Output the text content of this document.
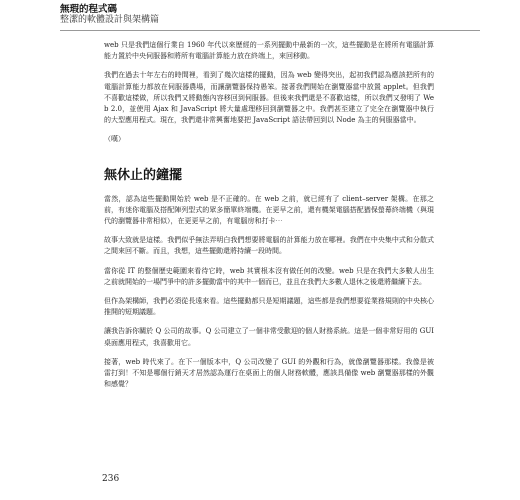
無瑕的程式碼
整潔的軟體設計與架構篇

web 只是我們這個行業自 1960 年代以來歷經的一系列擺動中最新的一次，這些擺動是在將所有電腦計算能力置於中央伺服器和將所有電腦計算能力放在終端上，來回移動。

我們在過去十年左右的時間裡，看到了幾次這樣的擺動，因為 web 變得突出，起初我們認為應該把所有的電腦計算能力都放在伺服器農場，而讓瀏覽器保持愚笨。接著我們開始在瀏覽器當中放置 applet。但我們不喜歡這樣做，所以我們又將動態內容移回到伺服器。但後來我們還是不喜歡這樣，所以我們又發明了 Web 2.0，並使用 Ajax 和 JavaScript 將大量處理移回到瀏覽器之中。我們甚至建立了完全在瀏覽器中執行的大型應用程式。現在，我們還非常興奮地要把 JavaScript 語法帶回到以 Node 為主的伺服器當中。

（嘆）

無休止的鐘擺

當然，認為這些擺動開始於 web 是不正確的。在 web 之前，就已經有了 client–server 架構。在那之前，有迷你電腦及搭配陣列型式的眾多簡單終端機。在更早之前，還有機架電腦搭配猶保螢幕終端機（與現代的瀏覽器非常相似），在更更早之前，有電腦房和打卡⋯

故事大致就是這樣。我們似乎無法弄明白我們想要將電腦的計算能力放在哪裡。我們在中央集中式和分散式之間來回不斷。而且，我想，這些擺動還將持續一段時間。

當你從 IT 的整個歷史範圍來看待它時，web 其實根本沒有做任何的改變。web 只是在我們大多數人出生之前就開始的一場鬥爭中的許多擺動當中的其中一個而已，並且在我們大多數人退休之後還將繼續下去。

但作為架構師，我們必須從長遠來看。這些擺動都只是短期議題，這些都是我們想要從業務規則的中央核心推開的短期議題。

讓我告訴你關於 Q 公司的故事。Q 公司建立了一個非常受歡迎的個人財務系統。這是一個非常好用的 GUI 桌面應用程式，我喜歡用它。

接著，web 時代來了。在下一個版本中，Q 公司改變了 GUI 的外觀和行為，就像瀏覽器那樣。我像是被雷打到！不知是哪個行銷天才居然認為運行在桌面上的個人財務軟體，應該具備像 web 瀏覽器那樣的外觀和感覺？

236
